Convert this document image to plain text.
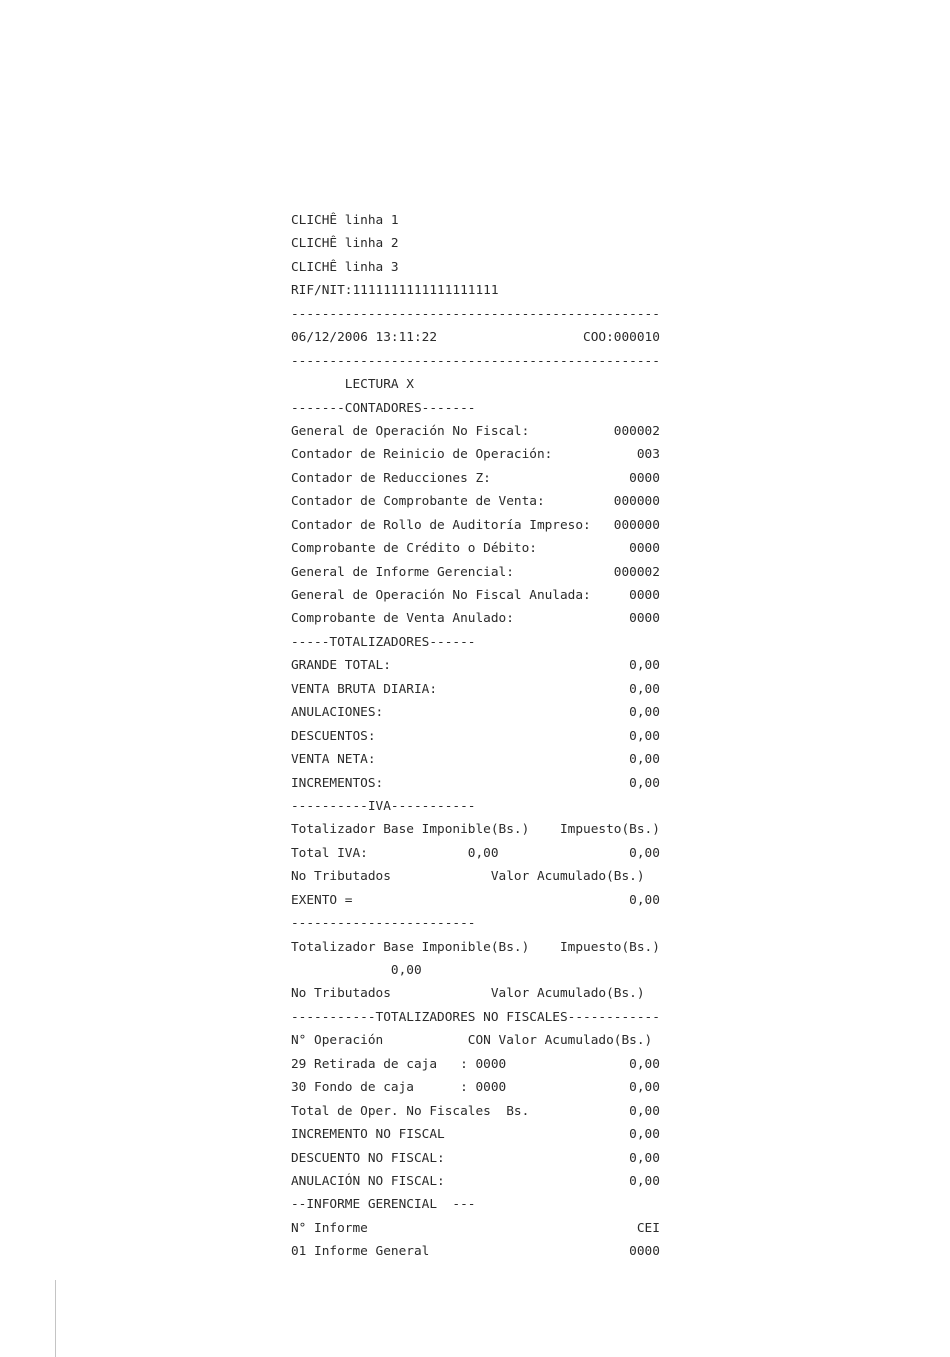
CLICHÊ linha 1
CLICHÊ linha 2
CLICHÊ linha 3
RIF/NIT:1111111111111111111
------------------------------------------------
06/12/2006 13:11:22                   COO:000010
------------------------------------------------
LECTURA X
-------CONTADORES-------
General de Operación No Fiscal:           000002
Contador de Reinicio de Operación:           003
Contador de Reducciones Z:                  0000
Contador de Comprobante de Venta:         000000
Contador de Rollo de Auditoría Impreso:   000000
Comprobante de Crédito o Débito:            0000
General de Informe Gerencial:             000002
General de Operación No Fiscal Anulada:     0000
Comprobante de Venta Anulado:               0000
-----TOTALIZADORES------
GRANDE TOTAL:                               0,00
VENTA BRUTA DIARIA:                         0,00
ANULACIONES:                                0,00
DESCUENTOS:                                 0,00
VENTA NETA:                                 0,00
INCREMENTOS:                                0,00
----------IVA-----------
Totalizador Base Imponible(Bs.)    Impuesto(Bs.)
Total IVA:             0,00                 0,00
No Tributados             Valor Acumulado(Bs.)
EXENTO =                                    0,00
------------------------
Totalizador Base Imponible(Bs.)    Impuesto(Bs.)
0,00
No Tributados             Valor Acumulado(Bs.)
-----------TOTALIZADORES NO FISCALES------------
N° Operación           CON Valor Acumulado(Bs.)
29 Retirada de caja   : 0000                0,00
30 Fondo de caja      : 0000                0,00
Total de Oper. No Fiscales  Bs.             0,00
INCREMENTO NO FISCAL                        0,00
DESCUENTO NO FISCAL:                        0,00
ANULACIÓN NO FISCAL:                        0,00
--INFORME GERENCIAL  ---
N° Informe                                   CEI
01 Informe General                          0000
